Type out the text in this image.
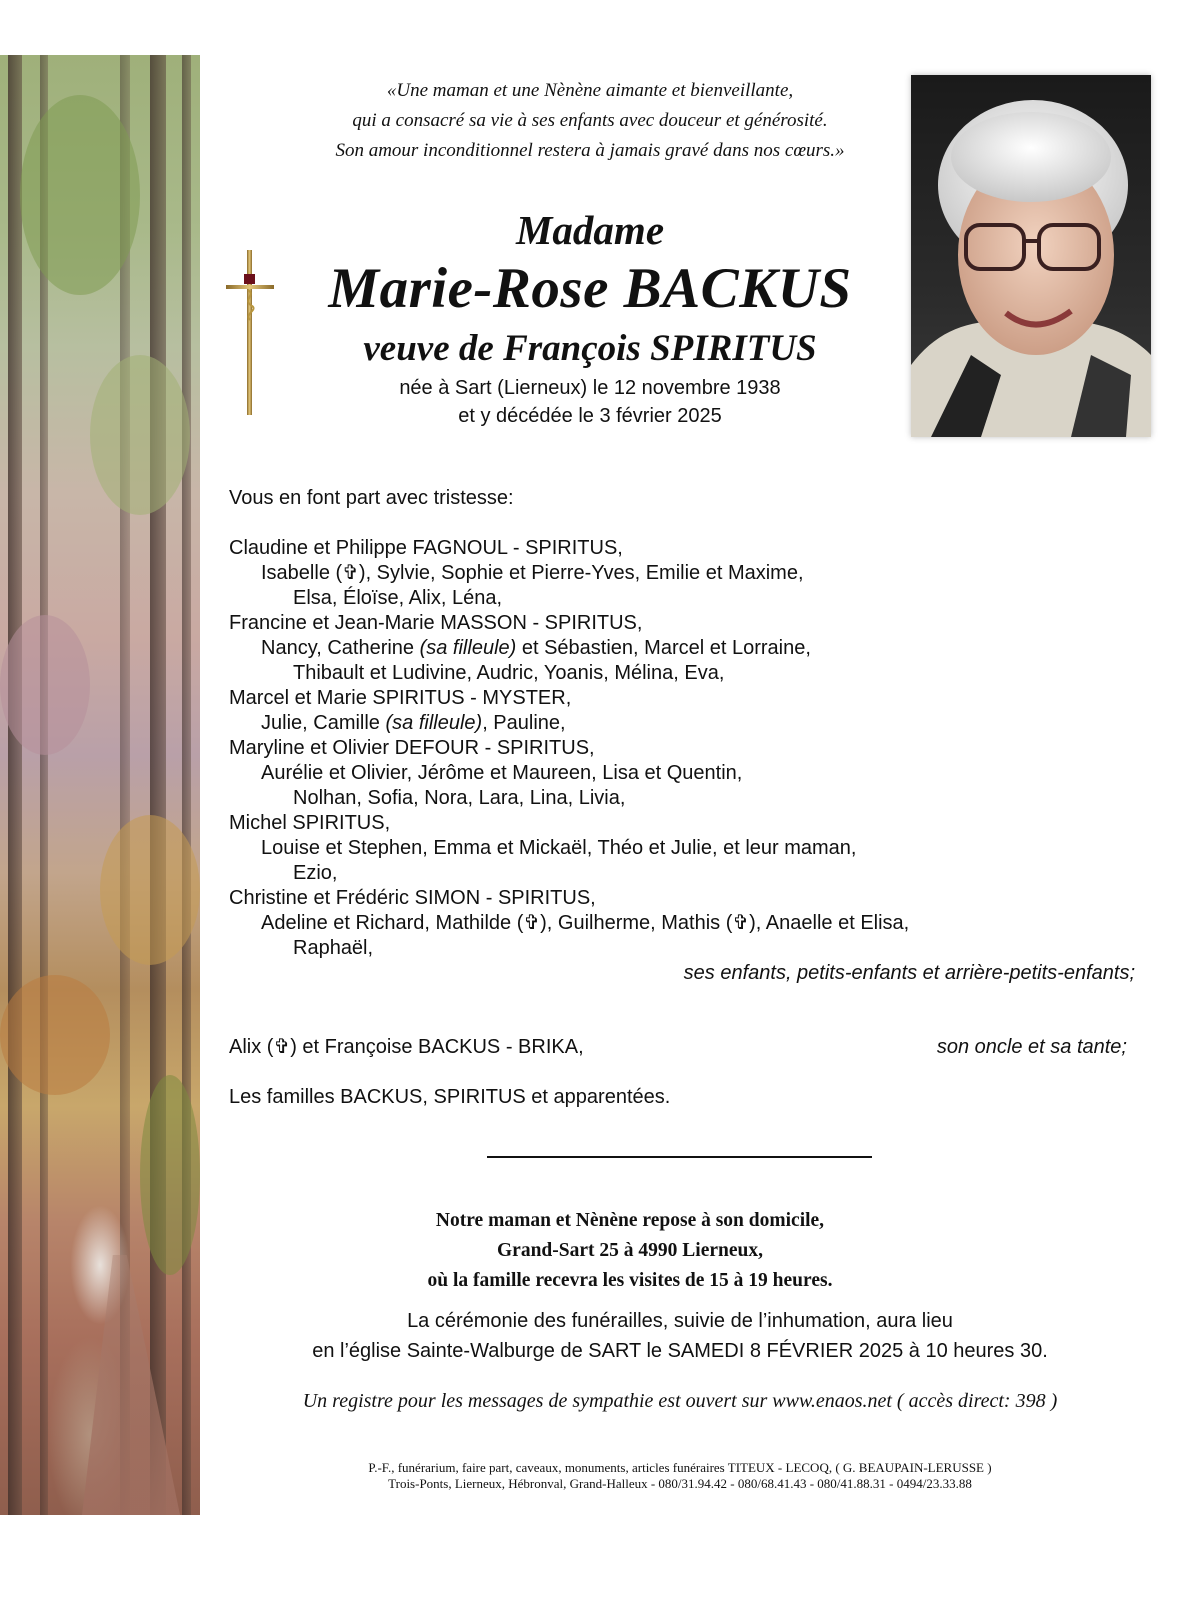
«Une maman et une Nènène aimante et bienveillante,
qui a consacré sa vie à ses enfants avec douceur et générosité.
Son amour inconditionnel restera à jamais gravé dans nos cœurs.»
Madame
Marie-Rose BACKUS
veuve de François SPIRITUS
née à Sart (Lierneux) le 12 novembre 1938
et y décédée le 3 février 2025
Vous en font part avec tristesse:
Claudine et Philippe FAGNOUL - SPIRITUS,
Isabelle (✞), Sylvie, Sophie et Pierre-Yves, Emilie et Maxime,
Elsa, Éloïse, Alix, Léna,
Francine et Jean-Marie MASSON - SPIRITUS,
Nancy, Catherine (sa filleule) et Sébastien, Marcel et Lorraine,
Thibault et Ludivine, Audric, Yoanis, Mélina, Eva,
Marcel et Marie SPIRITUS - MYSTER,
Julie, Camille (sa filleule), Pauline,
Maryline et Olivier DEFOUR - SPIRITUS,
Aurélie et Olivier, Jérôme et Maureen, Lisa et Quentin,
Nolhan, Sofia, Nora, Lara, Lina, Livia,
Michel SPIRITUS,
Louise et Stephen, Emma et Mickaël, Théo et Julie, et leur maman,
Ezio,
Christine et Frédéric SIMON - SPIRITUS,
Adeline et Richard, Mathilde (✞), Guilherme, Mathis (✞), Anaelle et Elisa,
Raphaël,
ses enfants, petits-enfants et arrière-petits-enfants;
Alix (✞) et Françoise BACKUS - BRIKA,	son oncle et sa tante;
Les familles BACKUS, SPIRITUS et apparentées.
Notre maman et Nènène repose à son domicile,
Grand-Sart 25 à 4990 Lierneux,
où la famille recevra les visites de 15 à 19 heures.
La cérémonie des funérailles, suivie de l’inhumation, aura lieu
en l’église Sainte-Walburge de SART le SAMEDI 8 FÉVRIER 2025 à 10 heures 30.
Un registre pour les messages de sympathie est ouvert sur www.enaos.net ( accès direct: 398 )
P.-F., funérarium, faire part, caveaux, monuments, articles funéraires TITEUX - LECOQ, ( G. BEAUPAIN-LERUSSE )
Trois-Ponts, Lierneux, Hébronval, Grand-Halleux - 080/31.94.42 - 080/68.41.43 - 080/41.88.31 - 0494/23.33.88
